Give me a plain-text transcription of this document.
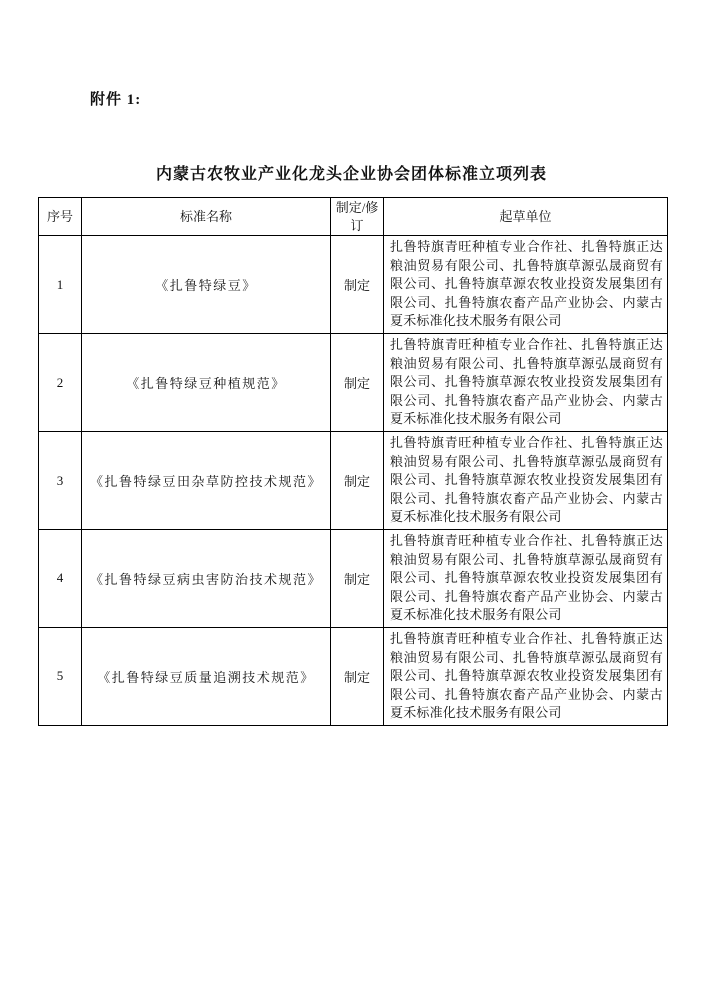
附件 1:
内蒙古农牧业产业化龙头企业协会团体标准立项列表
序号	标准名称	制定/修订	起草单位
1	《扎鲁特绿豆》	制定	扎鲁特旗青旺种植专业合作社、扎鲁特旗正达粮油贸易有限公司、扎鲁特旗草源弘晟商贸有限公司、扎鲁特旗草源农牧业投资发展集团有限公司、扎鲁特旗农畜产品产业协会、内蒙古夏禾标准化技术服务有限公司
2	《扎鲁特绿豆种植规范》	制定	扎鲁特旗青旺种植专业合作社、扎鲁特旗正达粮油贸易有限公司、扎鲁特旗草源弘晟商贸有限公司、扎鲁特旗草源农牧业投资发展集团有限公司、扎鲁特旗农畜产品产业协会、内蒙古夏禾标准化技术服务有限公司
3	《扎鲁特绿豆田杂草防控技术规范》	制定	扎鲁特旗青旺种植专业合作社、扎鲁特旗正达粮油贸易有限公司、扎鲁特旗草源弘晟商贸有限公司、扎鲁特旗草源农牧业投资发展集团有限公司、扎鲁特旗农畜产品产业协会、内蒙古夏禾标准化技术服务有限公司
4	《扎鲁特绿豆病虫害防治技术规范》	制定	扎鲁特旗青旺种植专业合作社、扎鲁特旗正达粮油贸易有限公司、扎鲁特旗草源弘晟商贸有限公司、扎鲁特旗草源农牧业投资发展集团有限公司、扎鲁特旗农畜产品产业协会、内蒙古夏禾标准化技术服务有限公司
5	《扎鲁特绿豆质量追溯技术规范》	制定	扎鲁特旗青旺种植专业合作社、扎鲁特旗正达粮油贸易有限公司、扎鲁特旗草源弘晟商贸有限公司、扎鲁特旗草源农牧业投资发展集团有限公司、扎鲁特旗农畜产品产业协会、内蒙古夏禾标准化技术服务有限公司
